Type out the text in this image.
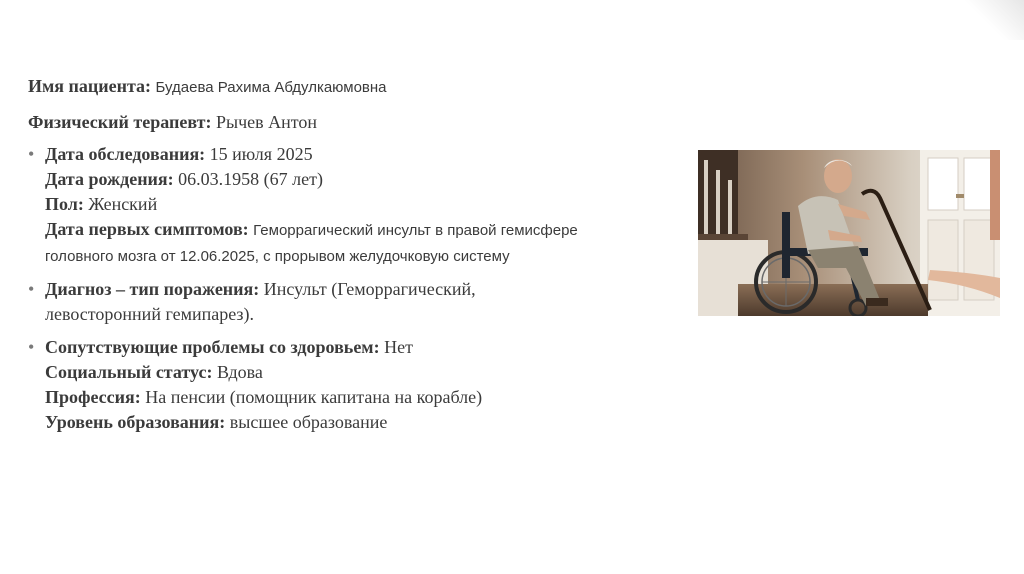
Имя пациента: Будаева Рахима Абдулкаюмовна

Физический терапевт: Рычев Антон

• Дата обследования: 15 июля 2025

Дата рождения: 06.03.1958 (67 лет)

Пол: Женский

Дата первых симптомов: Геморрагический инсульт в правой гемисфере

головного мозга от 12.06.2025, с прорывом желудочковую систему

• Диагноз – тип поражения: Инсульт (Геморрагический,

левосторонний гемипарез).

• Сопутствующие проблемы со здоровьем: Нет

Социальный статус: Вдова

Профессия: На пенсии (помощник капитана на корабле)

Уровень образования: высшее образование
